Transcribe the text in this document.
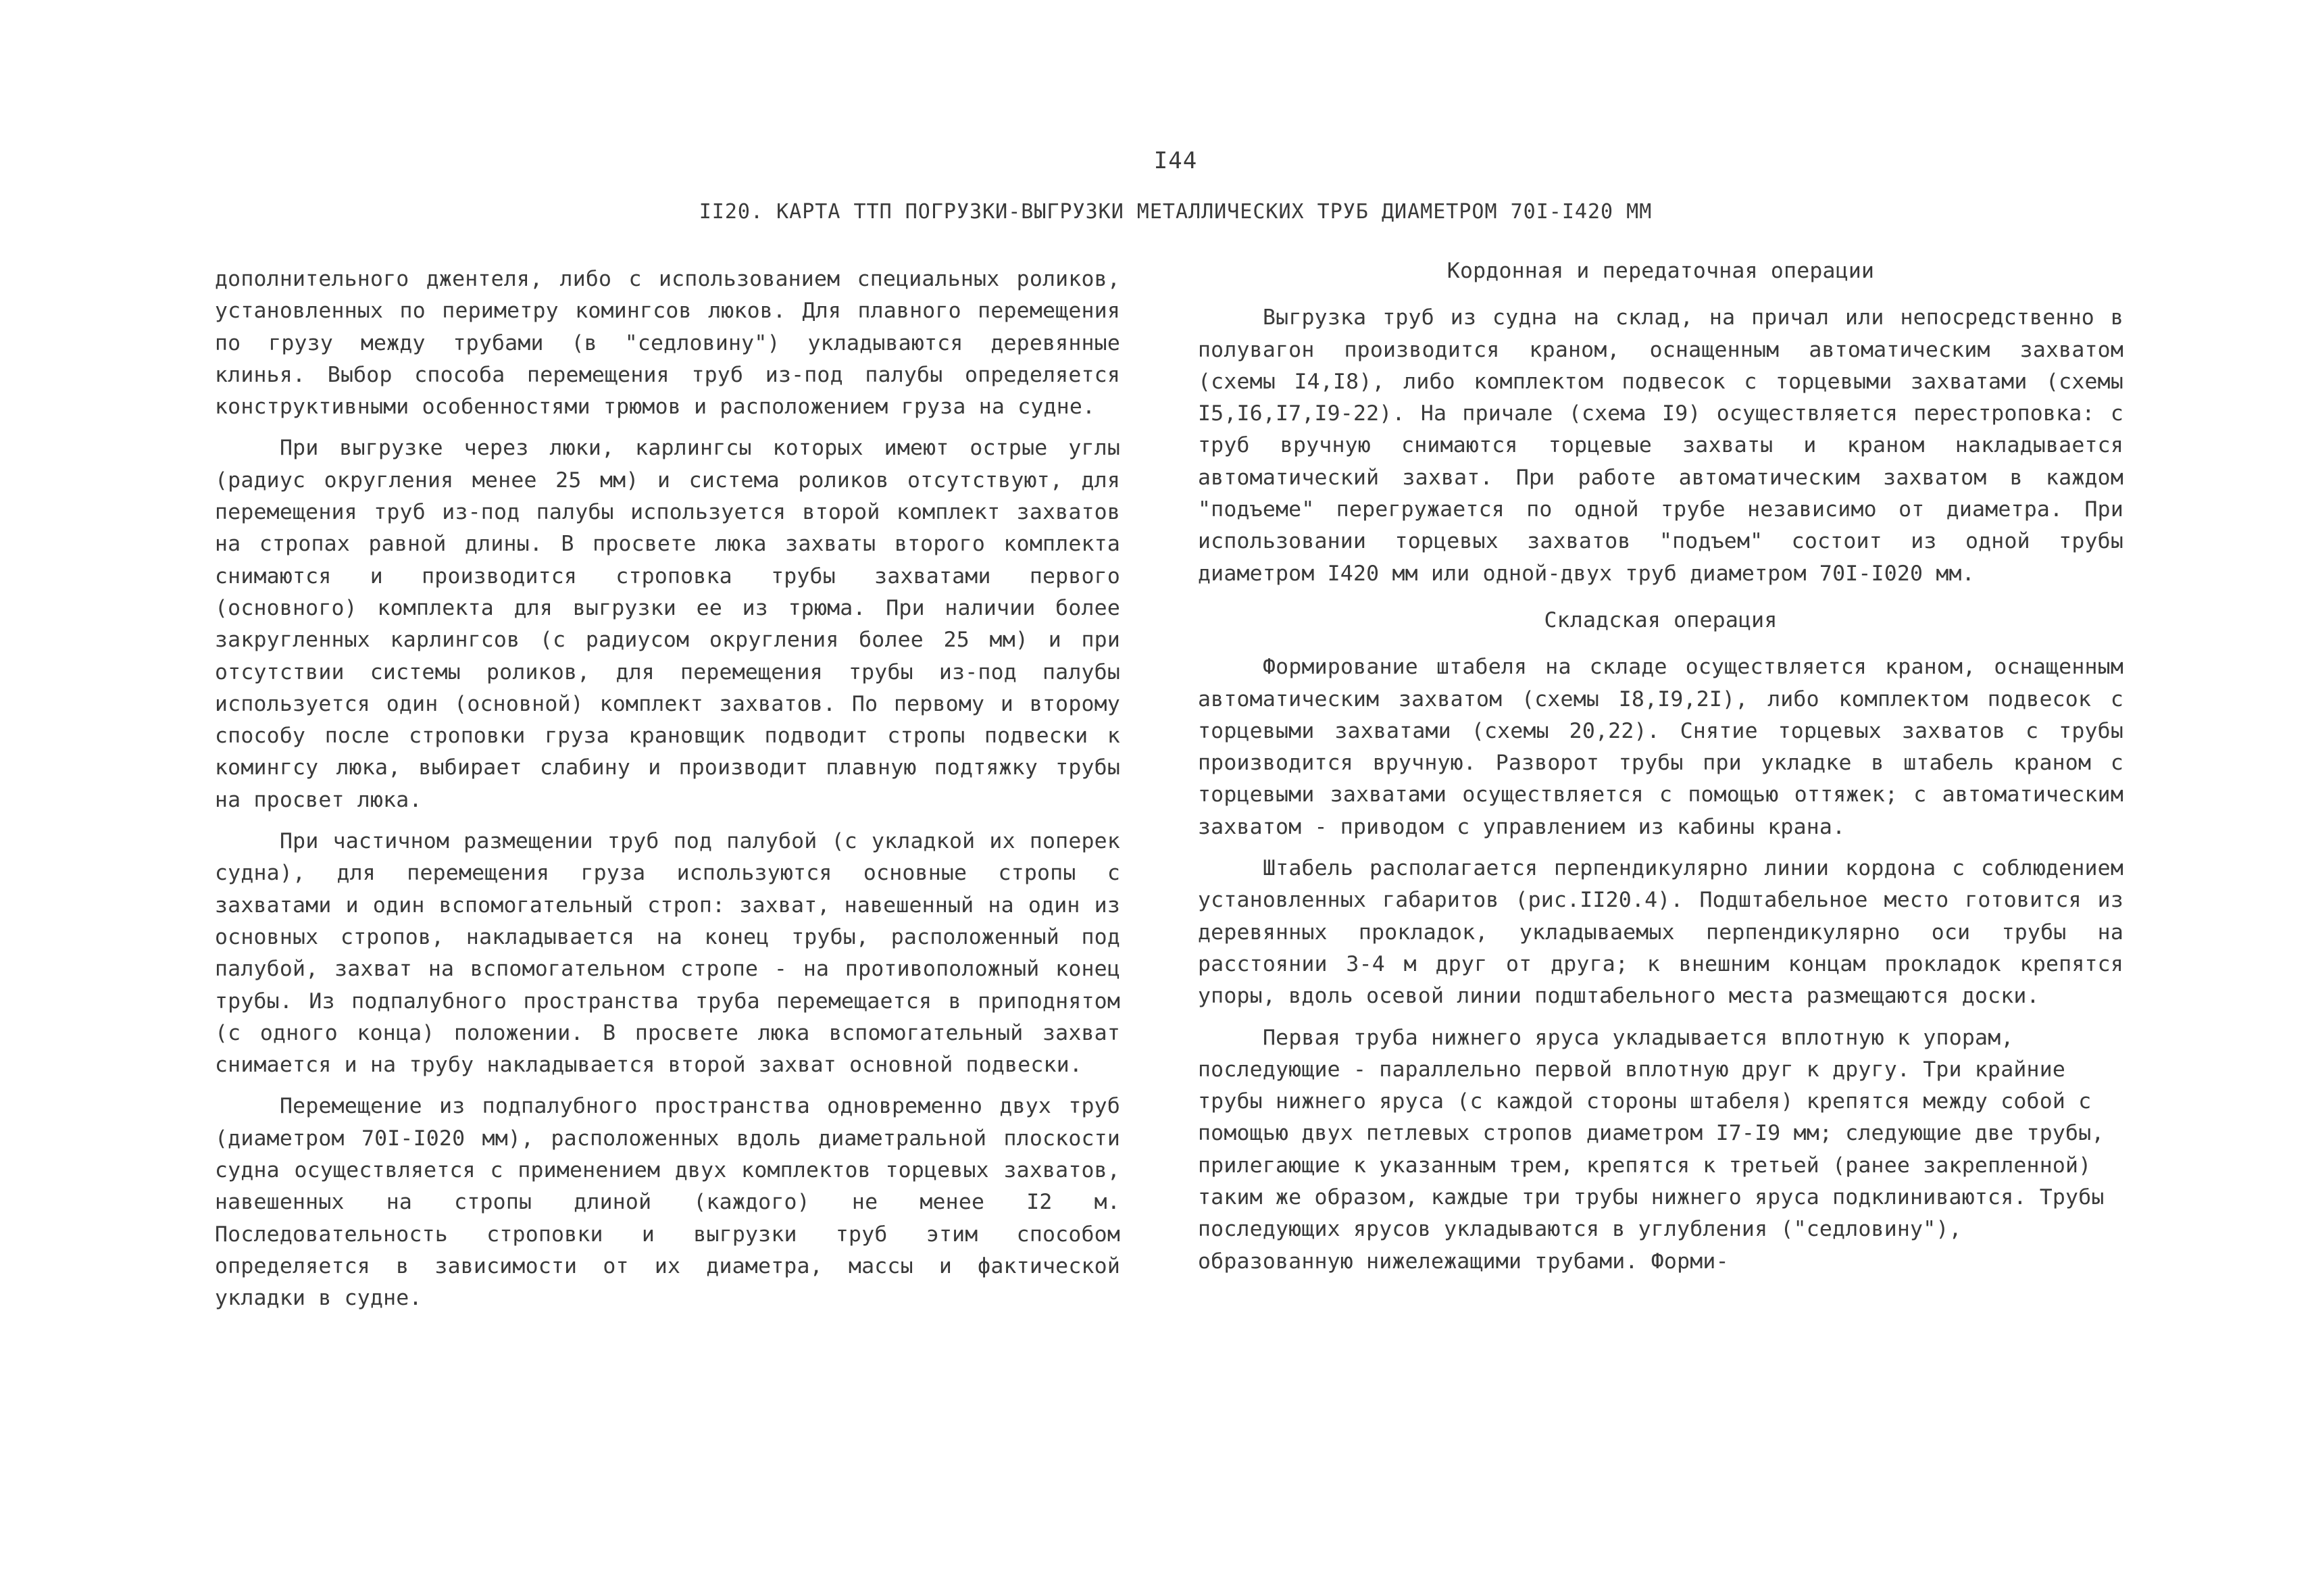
I44
II20. КАРТА ТТП ПОГРУЗКИ-ВЫГРУЗКИ МЕТАЛЛИЧЕСКИХ ТРУБ ДИАМЕТРОМ 70I-I420 ММ

дополнительного джентеля, либо с использованием специальных роликов, установленных по периметру комингсов люков. Для плавного перемещения по грузу между трубами (в "седловину") укладываются деревянные клинья. Выбор способа перемещения труб из-под палубы определяется конструктивными особенностями трюмов и расположением груза на судне.

При выгрузке через люки, карлингсы которых имеют острые углы (радиус округления менее 25 мм) и система роликов отсутствуют, для перемещения труб из-под палубы используется второй комплект захватов на стропах равной длины. В просвете люка захваты второго комплекта снимаются и производится строповка трубы захватами первого (основного) комплекта для выгрузки ее из трюма. При наличии более закругленных карлингсов (с радиусом округления более 25 мм) и при отсутствии системы роликов, для перемещения трубы из-под палубы используется один (основной) комплект захватов. По первому и второму способу после строповки груза крановщик подводит стропы подвески к комингсу люка, выбирает слабину и производит плавную подтяжку трубы на просвет люка.

При частичном размещении труб под палубой (с укладкой их поперек судна), для перемещения груза используются основные стропы с захватами и один вспомогательный строп: захват, навешенный на один из основных стропов, накладывается на конец трубы, расположенный под палубой, захват на вспомогательном стропе - на противоположный конец трубы. Из подпалубного пространства труба перемещается в приподнятом (с одного конца) положении. В просвете люка вспомогательный захват снимается и на трубу накладывается второй захват основной подвески.

Перемещение из подпалубного пространства одновременно двух труб (диаметром 70I-I020 мм), расположенных вдоль диаметральной плоскости судна осуществляется с применением двух комплектов торцевых захватов, навешенных на стропы длиной (каждого) не менее I2 м. Последовательность строповки и выгрузки труб этим способом определяется в зависимости от их диаметра, массы и фактической укладки в судне.

Кордонная и передаточная операции

Выгрузка труб из судна на склад, на причал или непосредственно в полувагон производится краном, оснащенным автоматическим захватом (схемы I4,I8), либо комплектом подвесок с торцевыми захватами (схемы I5,I6,I7,I9-22). На причале (схема I9) осуществляется перестроповка: с труб вручную снимаются торцевые захваты и краном накладывается автоматический захват. При работе автоматическим захватом в каждом "подъеме" перегружается по одной трубе независимо от диаметра. При использовании торцевых захватов "подъем" состоит из одной трубы диаметром I420 мм или одной-двух труб диаметром 70I-I020 мм.

Складская операция

Формирование штабеля на складе осуществляется краном, оснащенным автоматическим захватом (схемы I8,I9,2I), либо комплектом подвесок с торцевыми захватами (схемы 20,22). Снятие торцевых захватов с трубы производится вручную. Разворот трубы при укладке в штабель краном с торцевыми захватами осуществляется с помощью оттяжек; с автоматическим захватом - приводом с управлением из кабины крана.

Штабель располагается перпендикулярно линии кордона с соблюдением установленных габаритов (рис.II20.4). Подштабельное место готовится из деревянных прокладок, укладываемых перпендикулярно оси трубы на расстоянии 3-4 м друг от друга; к внешним концам прокладок крепятся упоры, вдоль осевой линии подштабельного места размещаются доски.

Первая труба нижнего яруса укладывается вплотную к упорам, последующие - параллельно первой вплотную друг к другу. Три крайние трубы нижнего яруса (с каждой стороны штабеля) крепятся между собой с помощью двух петлевых стропов диаметром I7-I9 мм; следующие две трубы, прилегающие к указанным трем, крепятся к третьей (ранее закрепленной) таким же образом, каждые три трубы нижнего яруса подклиниваются. Трубы последующих ярусов укладываются в углубления ("седловину"), образованную нижележащими трубами. Форми-
